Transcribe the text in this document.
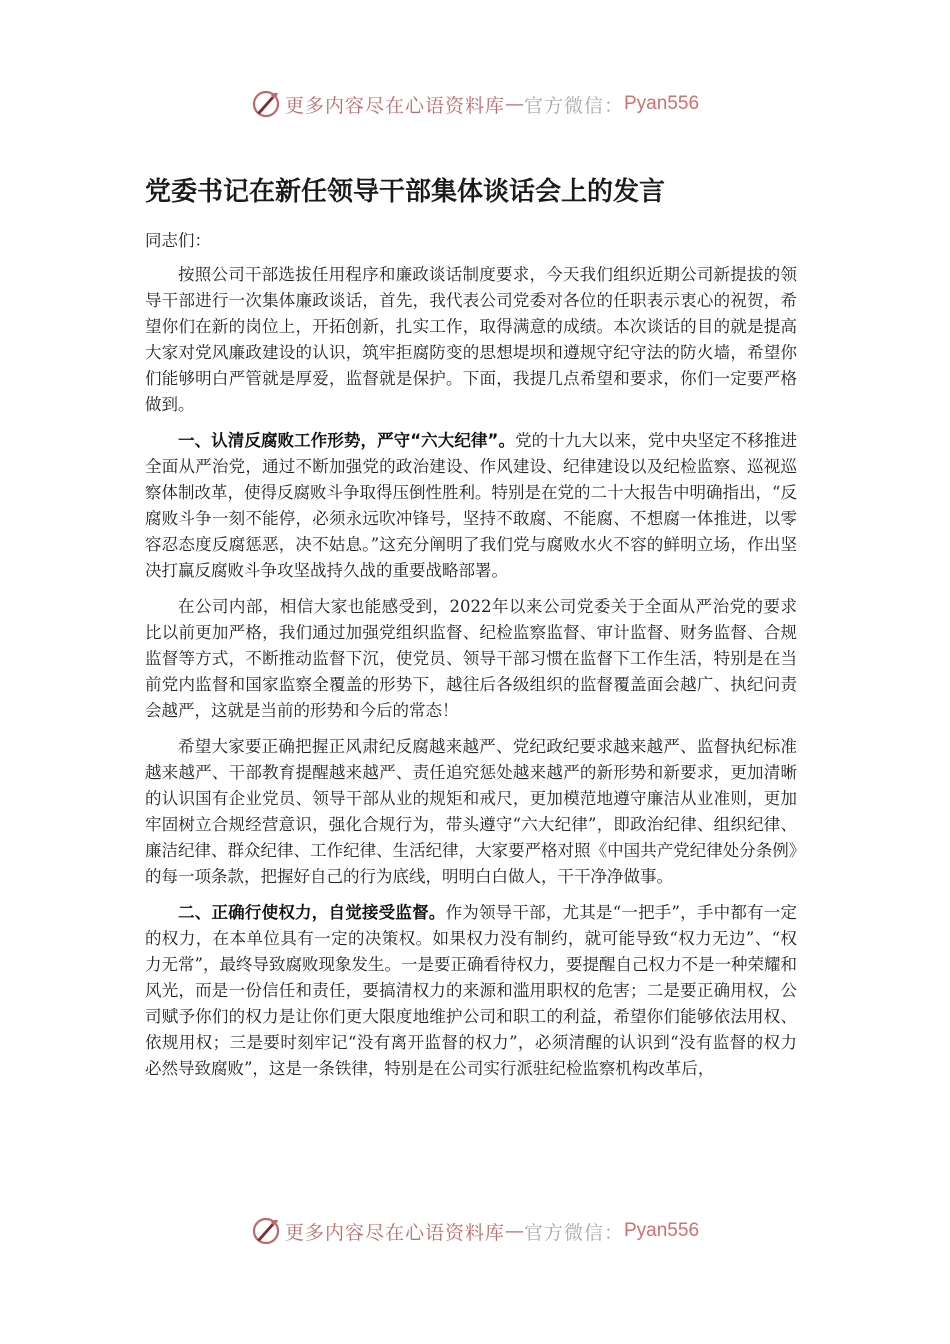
更多内容尽在心语资料库 — 官方微信： Pyan556
党委书记在新任领导干部集体谈话会上的发言

同志们：

按照公司干部选拔任用程序和廉政谈话制度要求，今天我们组织近期公司新提拔的领导干部进行一次集体廉政谈话，首先，我代表公司党委对各位的任职表示衷心的祝贺，希望你们在新的岗位上，开拓创新，扎实工作，取得满意的成绩。本次谈话的目的就是提高大家对党风廉政建设的认识，筑牢拒腐防变的思想堤坝和遵规守纪守法的防火墙，希望你们能够明白严管就是厚爱，监督就是保护。下面，我提几点希望和要求，你们一定要严格做到。

一、认清反腐败工作形势，严守“六大纪律”。党的十九大以来，党中央坚定不移推进全面从严治党，通过不断加强党的政治建设、作风建设、纪律建设以及纪检监察、巡视巡察体制改革，使得反腐败斗争取得压倒性胜利。特别是在党的二十大报告中明确指出，“反腐败斗争一刻不能停，必须永远吹冲锋号，坚持不敢腐、不能腐、不想腐一体推进，以零容忍态度反腐惩恶，决不姑息。”这充分阐明了我们党与腐败水火不容的鲜明立场，作出坚决打赢反腐败斗争攻坚战持久战的重要战略部署。

在公司内部，相信大家也能感受到，2022年以来公司党委关于全面从严治党的要求比以前更加严格，我们通过加强党组织监督、纪检监察监督、审计监督、财务监督、合规监督等方式，不断推动监督下沉，使党员、领导干部习惯在监督下工作生活，特别是在当前党内监督和国家监察全覆盖的形势下，越往后各级组织的监督覆盖面会越广、执纪问责会越严，这就是当前的形势和今后的常态！

希望大家要正确把握正风肃纪反腐越来越严、党纪政纪要求越来越严、监督执纪标准越来越严、干部教育提醒越来越严、责任追究惩处越来越严的新形势和新要求，更加清晰的认识国有企业党员、领导干部从业的规矩和戒尺，更加模范地遵守廉洁从业准则，更加牢固树立合规经营意识，强化合规行为，带头遵守“六大纪律”，即政治纪律、组织纪律、廉洁纪律、群众纪律、工作纪律、生活纪律，大家要严格对照《中国共产党纪律处分条例》的每一项条款，把握好自己的行为底线，明明白白做人，干干净净做事。

二、正确行使权力，自觉接受监督。作为领导干部，尤其是“一把手”，手中都有一定的权力，在本单位具有一定的决策权。如果权力没有制约，就可能导致“权力无边”、“权力无常”，最终导致腐败现象发生。一是要正确看待权力，要提醒自己权力不是一种荣耀和风光，而是一份信任和责任，要搞清权力的来源和滥用职权的危害；二是要正确用权，公司赋予你们的权力是让你们更大限度地维护公司和职工的利益，希望你们能够依法用权、依规用权；三是要时刻牢记“没有离开监督的权力”，必须清醒的认识到“没有监督的权力必然导致腐败”，这是一条铁律，特别是在公司实行派驻纪检监察机构改革后，

更多内容尽在心语资料库 — 官方微信： Pyan556
